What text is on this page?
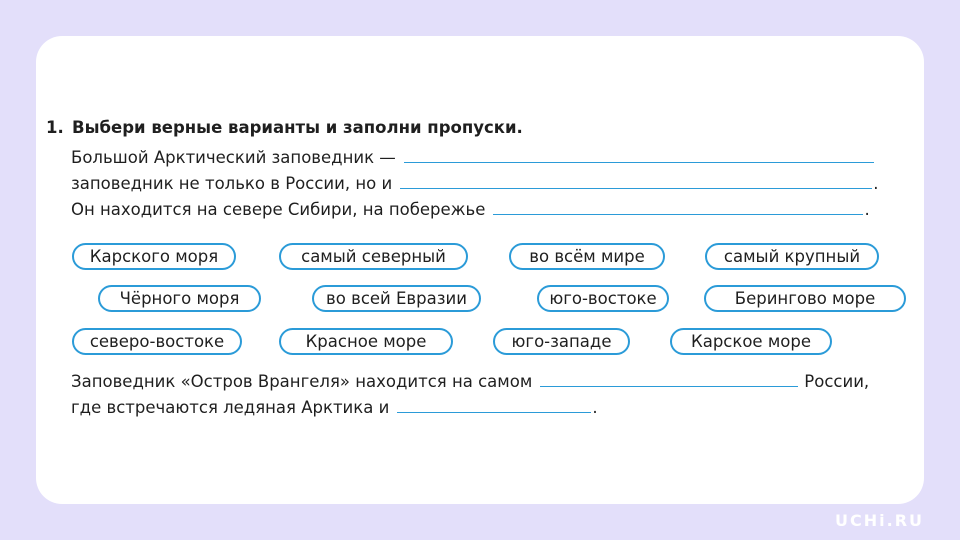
1. Выбери верные варианты и заполни пропуски.
Большой Арктический заповедник —
заповедник не только в России, но и	.
Он находится на севере Сибири, на побережье	.
Карского моря	самый северный	во всём мире	самый крупный
Чёрного моря	во всей Евразии	юго-востоке	Берингово море
северо-востоке	Красное море	юго-западе	Карское море
Заповедник «Остров Врангеля» находится на самом	России,
где встречаются ледяная Арктика и	.
UCHi.RU
